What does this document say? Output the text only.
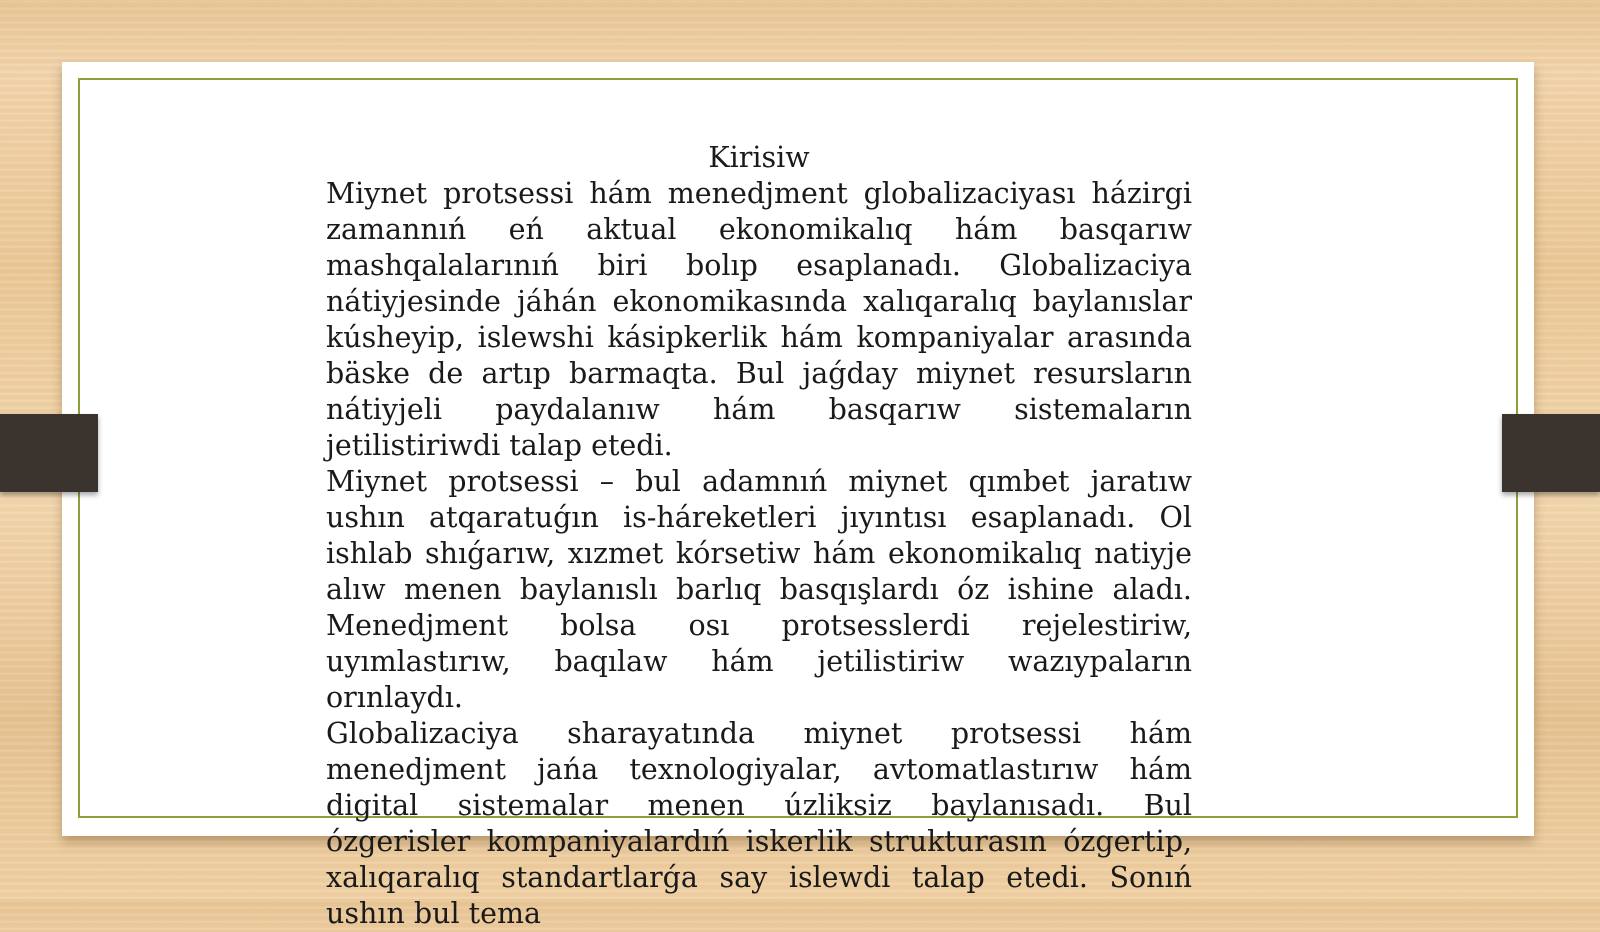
Kirisiw

Miynet protsessi hám menedjment globalizaciyası házirgi zamannıń eń aktual ekonomikalıq hám basqarıw mashqalalarınıń biri bolıp esaplanadı. Globalizaciya nátiyjesinde jáhán ekonomikasında xalıqaralıq baylanıslar kúsheyip, islewshi kásipkerlik hám kompaniyalar arasında bäske de artıp barmaqta. Bul jaǵday miynet resursların nátiyjeli paydalanıw hám basqarıw sistemaların jetilistiriwdi talap etedi.

Miynet protsessi – bul adamnıń miynet qımbet jaratıw ushın atqaratuǵın is-háreketleri jıyıntısı esaplanadı. Ol ishlab shıǵarıw, xızmet kórsetiw hám ekonomikalıq natiyje alıw menen baylanıslı barlıq basqışlardı óz ishine aladı. Menedjment bolsa osı protsesslerdi rejelestiriw, uyımlastırıw, baqılaw hám jetilistiriw wazıypaların orınlaydı.

Globalizaciya sharayatında miynet protsessi hám menedjment jańa texnologiyalar, avtomatlastırıw hám digital sistemalar menen úzliksiz baylanısadı. Bul ózgerisler kompaniyalardıń iskerlik strukturasın ózgertip, xalıqaralıq standartlarǵa say islewdi talap etedi. Sonıń ushın bul tema
